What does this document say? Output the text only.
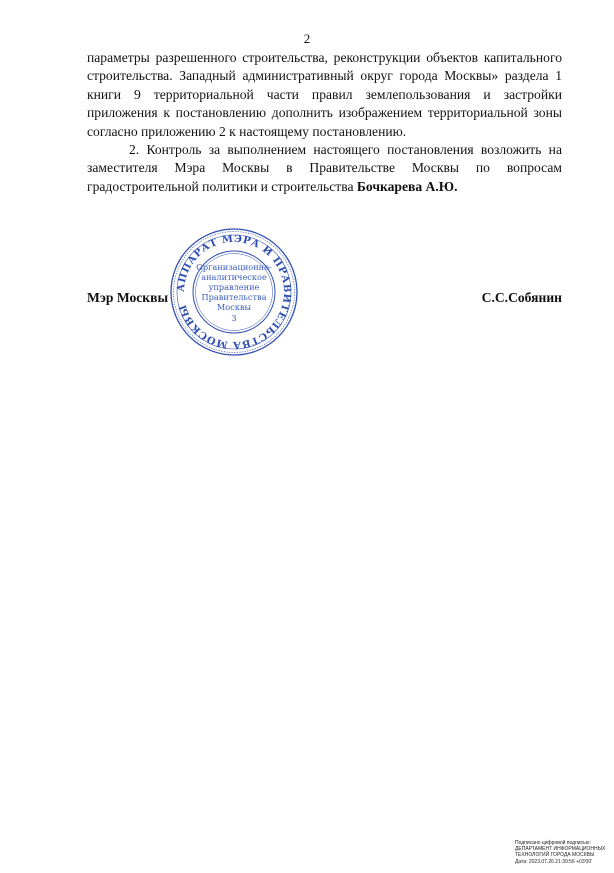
2

параметры разрешенного строительства, реконструкции объектов капитального строительства. Западный административный округ города Москвы» раздела 1 книги 9 территориальной части правил землепользования и застройки приложения к постановлению дополнить изображением территориальной зоны согласно приложению 2 к настоящему постановлению.

2. Контроль за выполнением настоящего постановления возложить на заместителя Мэра Москвы в Правительстве Москвы по вопросам градостроительной политики и строительства Бочкарева А.Ю.

Мэр Москвы	С.С.Собянин
АППАРАТ МЭРА И ПРАВИТЕЛЬСТВА МОСКВЫ
Организационно-
аналитическое
управление
Правительства
Москвы
3
Подписано цифровой подписью:
ДЕПАРТАМЕНТ ИНФОРМАЦИОННЫХ
ТЕХНОЛОГИЙ ГОРОДА МОСКВЫ
Дата: 2023.07.26 21:39:56 +03'00'
